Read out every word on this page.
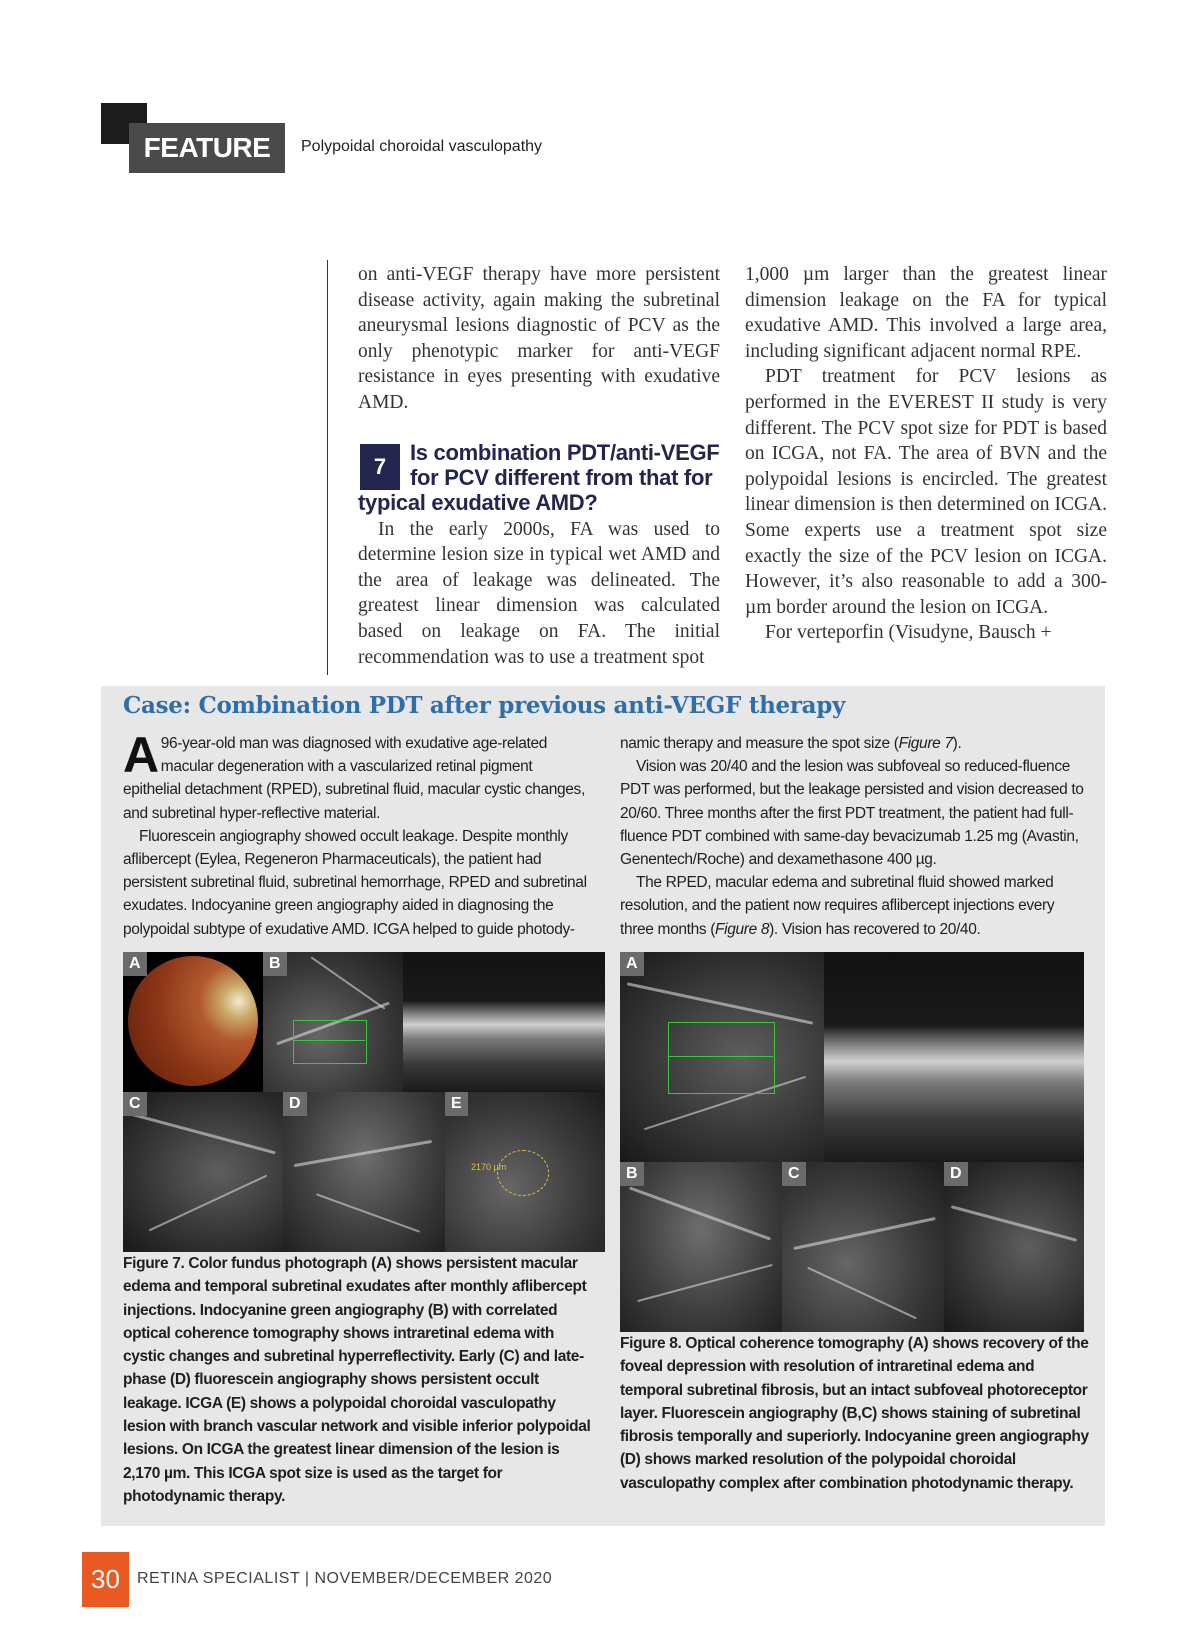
FEATURE	Polypoidal choroidal vasculopathy

on anti-VEGF therapy have more persistent disease activity, again making the subretinal aneurysmal lesions diagnostic of PCV as the only phenotypic marker for anti-VEGF resistance in eyes presenting with exudative AMD.

7
Is combination PDT/anti-VEGF for PCV different from that for typical exudative AMD?

In the early 2000s, FA was used to determine lesion size in typical wet AMD and the area of leakage was delineated. The greatest linear dimension was calculated based on leakage on FA. The initial recommendation was to use a treatment spot

1,000 µm larger than the greatest linear dimension leakage on the FA for typical exudative AMD. This involved a large area, including significant adjacent normal RPE.

PDT treatment for PCV lesions as performed in the EVEREST II study is very different. The PCV spot size for PDT is based on ICGA, not FA. The area of BVN and the polypoidal lesions is encircled. The greatest linear dimension is then determined on ICGA. Some experts use a treatment spot size exactly the size of the PCV lesion on ICGA. However, it’s also reasonable to add a 300-µm border around the lesion on ICGA.

For verteporfin (Visudyne, Bausch +

Case: Combination PDT after previous anti-VEGF therapy

A 96-year-old man was diagnosed with exudative age-related macular degeneration with a vascularized retinal pigment epithelial detachment (RPED), subretinal fluid, macular cystic changes, and subretinal hyper-reflective material.

Fluorescein angiography showed occult leakage. Despite monthly aflibercept (Eylea, Regeneron Pharmaceuticals), the patient had persistent subretinal fluid, subretinal hemorrhage, RPED and subretinal exudates. Indocyanine green angiography aided in diagnosing the polypoidal subtype of exudative AMD. ICGA helped to guide photody-

namic therapy and measure the spot size (Figure 7).

Vision was 20/40 and the lesion was subfoveal so reduced-fluence PDT was performed, but the leakage persisted and vision decreased to 20/60. Three months after the first PDT treatment, the patient had full-fluence PDT combined with same-day bevacizumab 1.25 mg (Avastin, Genentech/Roche) and dexamethasone 400 µg.

The RPED, macular edema and subretinal fluid showed marked resolution, and the patient now requires aflibercept injections every three months (Figure 8). Vision has recovered to 20/40.

A	B
C	D
2170 µm
E
Figure 7. Color fundus photograph (A) shows persistent macular edema and temporal subretinal exudates after monthly aflibercept injections. Indocyanine green angiography (B) with correlated optical coherence tomography shows intraretinal edema with cystic changes and subretinal hyperreflectivity. Early (C) and late-phase (D) fluorescein angiography shows persistent occult leakage. ICGA (E) shows a polypoidal choroidal vasculopathy lesion with branch vascular network and visible inferior polypoidal lesions. On ICGA the greatest linear dimension of the lesion is 2,170 µm. This ICGA spot size is used as the target for photodynamic therapy.
A
B	C	D
Figure 8. Optical coherence tomography (A) shows recovery of the foveal depression with resolution of intraretinal edema and temporal subretinal fibrosis, but an intact subfoveal photoreceptor layer. Fluorescein angiography (B,C) shows staining of subretinal fibrosis temporally and superiorly. Indocyanine green angiography (D) shows marked resolution of the polypoidal choroidal vasculopathy complex after combination photodynamic therapy.
30	RETINA SPECIALIST | NOVEMBER/DECEMBER 2020
